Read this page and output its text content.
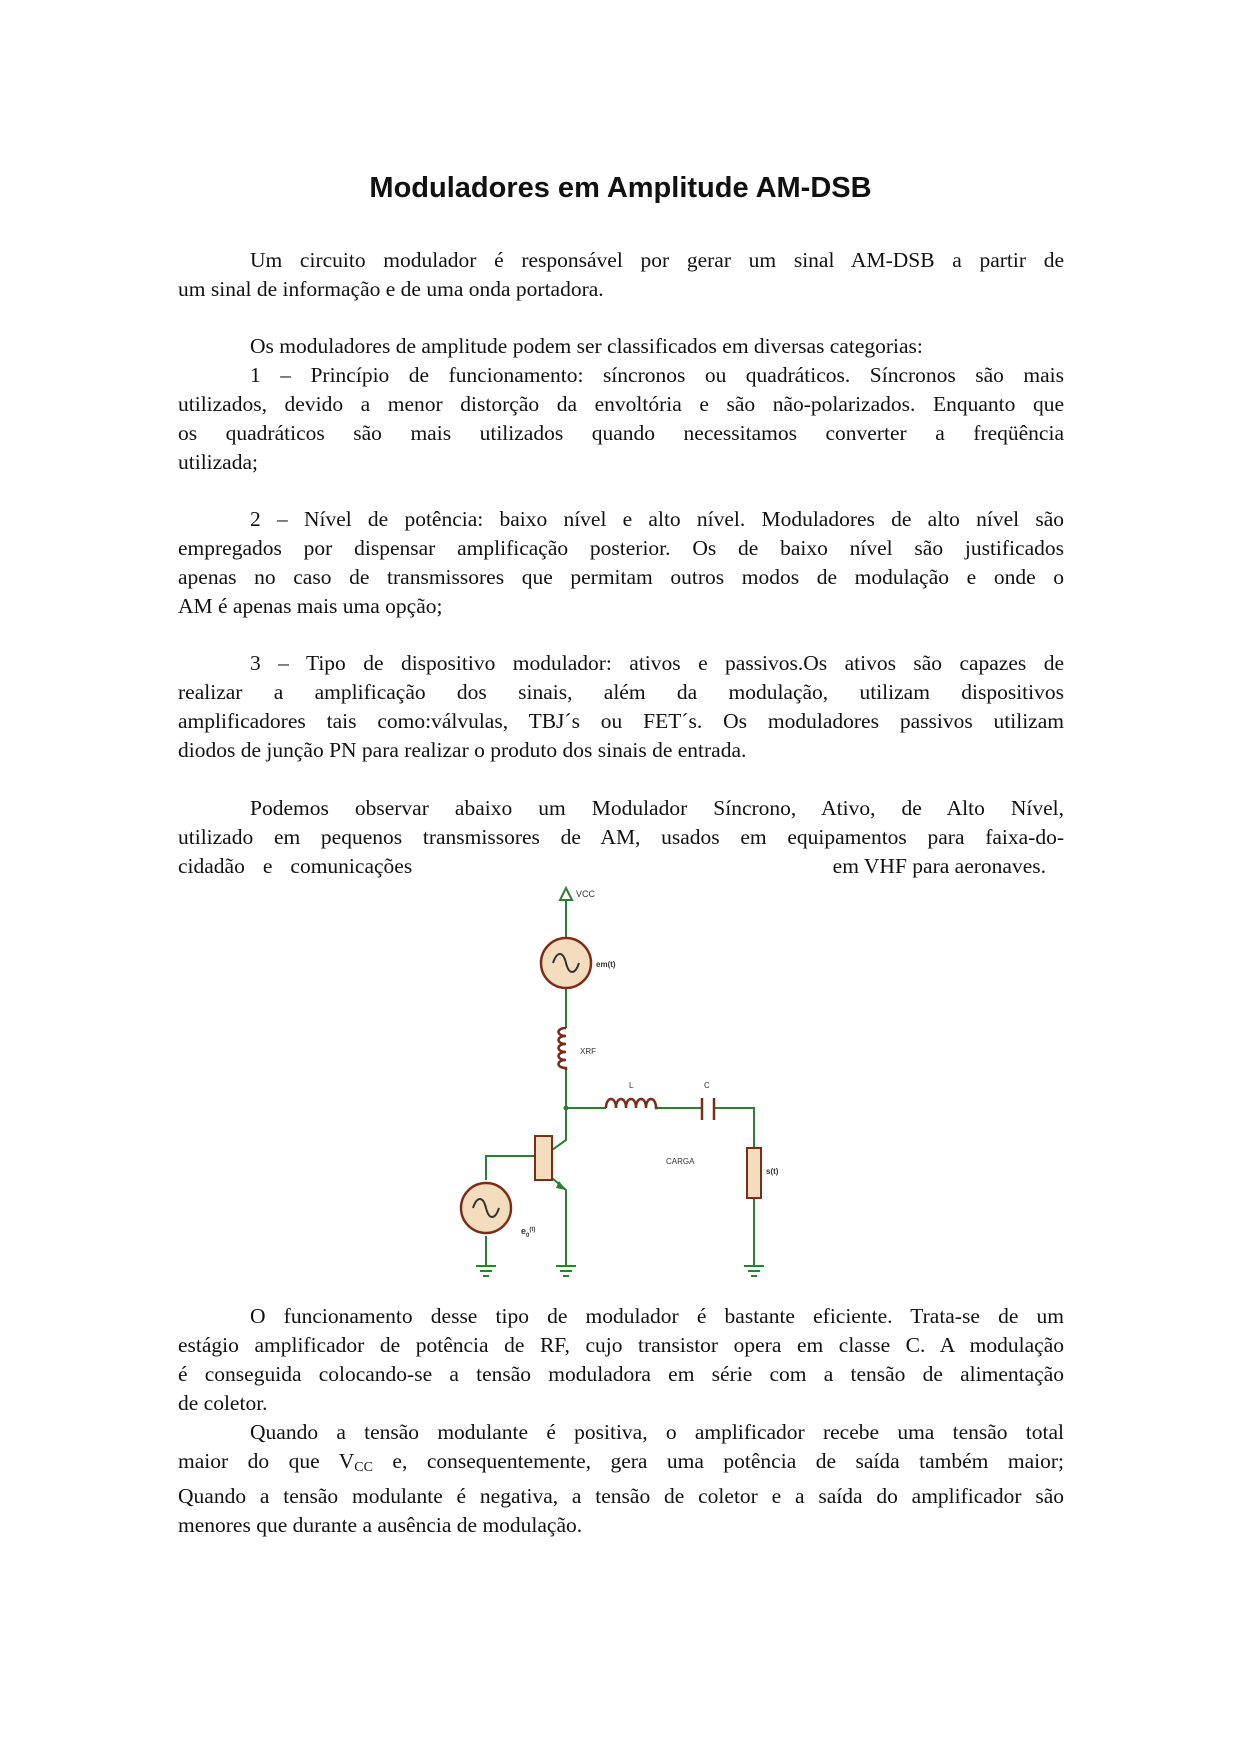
Moduladores em Amplitude AM-DSB

Um circuito modulador é responsável por gerar um sinal AM-DSB a partir de
um sinal de informação e de uma onda portadora.

Os moduladores de amplitude podem ser classificados em diversas categorias:

1 – Princípio de funcionamento: síncronos ou quadráticos. Síncronos são mais
utilizados, devido a menor distorção da envoltória e são não-polarizados. Enquanto que
os quadráticos são mais utilizados quando necessitamos converter a freqüência
utilizada;

2 – Nível de potência: baixo nível e alto nível. Moduladores de alto nível são
empregados por dispensar amplificação posterior. Os de baixo nível são justificados
apenas no caso de transmissores que permitam outros modos de modulação e onde o
AM é apenas mais uma opção;

3 – Tipo de dispositivo modulador: ativos e passivos.Os ativos são capazes de
realizar a amplificação dos sinais, além da modulação, utilizam dispositivos
amplificadores tais como:válvulas, TBJ´s ou FET´s. Os moduladores passivos utilizam
diodos de junção PN para realizar o produto dos sinais de entrada.

Podemos observar abaixo um Modulador Síncrono, Ativo, de Alto Nível,
utilizado em pequenos transmissores de AM, usados em equipamentos para faixa-do-

cidadão e comunicações	em VHF para aeronaves.
VCC
em(t)
XRF
L	C
CARGA
s(t)
$e_0^{(t)}$

O funcionamento desse tipo de modulador é bastante eficiente. Trata-se de um
estágio amplificador de potência de RF, cujo transistor opera em classe C. A modulação
é conseguida colocando-se a tensão moduladora em série com a tensão de alimentação
de coletor.

Quando a tensão modulante é positiva, o amplificador recebe uma tensão total
maior do que $V_{CC}$ e, consequentemente, gera uma potência de saída também maior;
Quando a tensão modulante é negativa, a tensão de coletor e a saída do amplificador são
menores que durante a ausência de modulação.
